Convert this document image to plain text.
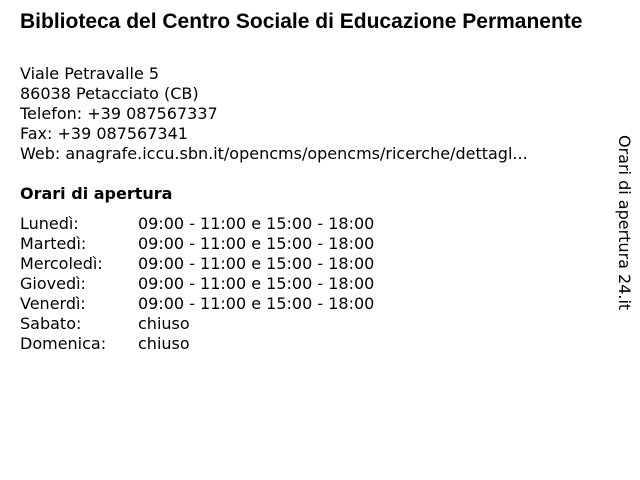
Biblioteca del Centro Sociale di Educazione Permanente
Viale Petravalle 5
86038 Petacciato (CB)
Telefon: +39 087567337
Fax: +39 087567341
Web: anagrafe.iccu.sbn.it/opencms/opencms/ricerche/dettagl...
Orari di apertura
Lunedì:	09:00 - 11:00 e 15:00 - 18:00
Martedì:	09:00 - 11:00 e 15:00 - 18:00
Mercoledì:	09:00 - 11:00 e 15:00 - 18:00
Giovedì:	09:00 - 11:00 e 15:00 - 18:00
Venerdì:	09:00 - 11:00 e 15:00 - 18:00
Sabato:	chiuso
Domenica:	chiuso
Orari di apertura 24.it
